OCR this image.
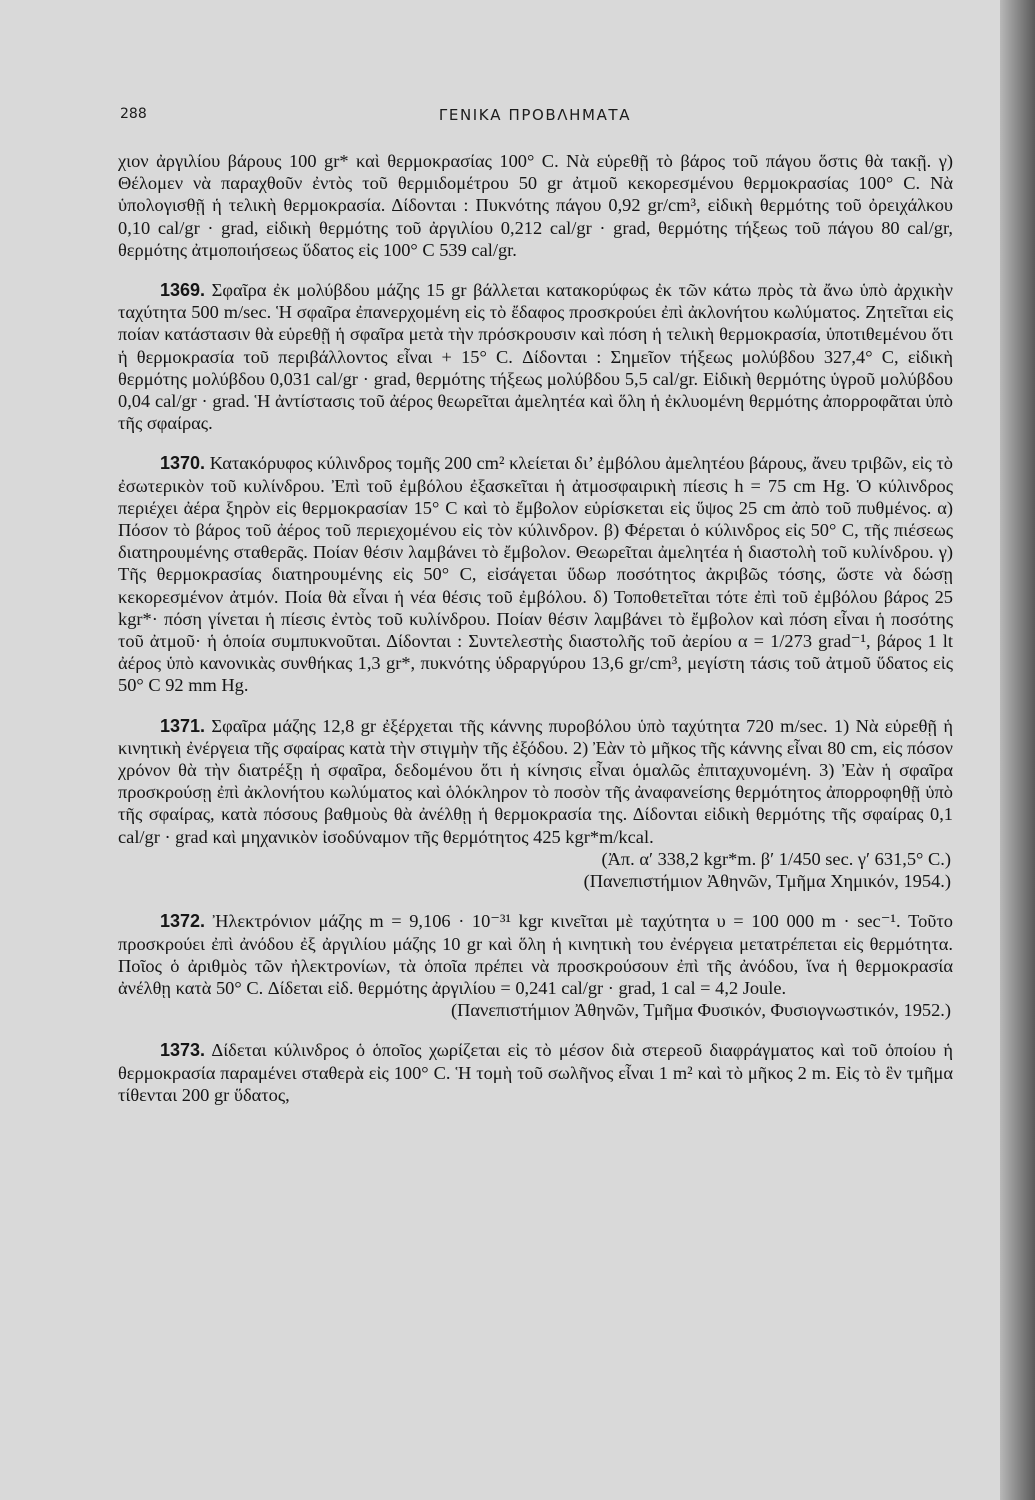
288	ΓΕΝΙΚΑ ΠΡΟΒΛΗΜΑΤΑ

χιον ἀργιλίου βάρους 100 gr* καὶ θερμοκρασίας 100° C. Νὰ εὑρεθῇ τὸ βάρος τοῦ πάγου ὅστις θὰ τακῇ. γ) Θέλομεν νὰ παραχθοῦν ἐντὸς τοῦ θερμιδομέτρου 50 gr ἀτμοῦ κεκορεσμένου θερμοκρασίας 100° C. Νὰ ὑπολογισθῇ ἡ τελικὴ θερμοκρασία. Δίδονται : Πυκνότης πάγου 0,92 gr/cm³, εἰδικὴ θερμότης τοῦ ὀρειχάλκου 0,10 cal/gr · grad, εἰδικὴ θερμότης τοῦ ἀργιλίου 0,212 cal/gr · grad, θερμότης τήξεως τοῦ πάγου 80 cal/gr, θερμότης ἀτμοποιήσεως ὕδατος εἰς 100° C 539 cal/gr.

1369. Σφαῖρα ἐκ μολύβδου μάζης 15 gr βάλλεται κατακορύφως ἐκ τῶν κάτω πρὸς τὰ ἄνω ὑπὸ ἀρχικὴν ταχύτητα 500 m/sec. Ἡ σφαῖρα ἐπανερχομένη εἰς τὸ ἔδαφος προσκρούει ἐπὶ ἀκλονήτου κωλύματος. Ζητεῖται εἰς ποίαν κατάστασιν θὰ εὑρεθῇ ἡ σφαῖρα μετὰ τὴν πρόσκρουσιν καὶ πόση ἡ τελικὴ θερμοκρασία, ὑποτιθεμένου ὅτι ἡ θερμοκρασία τοῦ περιβάλλοντος εἶναι + 15° C. Δίδονται : Σημεῖον τήξεως μολύβδου 327,4° C, εἰδικὴ θερμότης μολύβδου 0,031 cal/gr · grad, θερμότης τήξεως μολύβδου 5,5 cal/gr. Εἰδικὴ θερμότης ὑγροῦ μολύβδου 0,04 cal/gr · grad. Ἡ ἀντίστασις τοῦ ἀέρος θεωρεῖται ἀμελητέα καὶ ὅλη ἡ ἐκλυομένη θερμότης ἀπορροφᾶται ὑπὸ τῆς σφαίρας.

1370. Κατακόρυφος κύλινδρος τομῆς 200 cm² κλείεται δι’ ἐμβόλου ἀμελητέου βάρους, ἄνευ τριβῶν, εἰς τὸ ἐσωτερικὸν τοῦ κυλίνδρου. Ἐπὶ τοῦ ἐμβόλου ἐξασκεῖται ἡ ἀτμοσφαιρικὴ πίεσις h = 75 cm Hg. Ὁ κύλινδρος περιέχει ἀέρα ξηρὸν εἰς θερμοκρασίαν 15° C καὶ τὸ ἔμβολον εὑρίσκεται εἰς ὕψος 25 cm ἀπὸ τοῦ πυθμένος. α) Πόσον τὸ βάρος τοῦ ἀέρος τοῦ περιεχομένου εἰς τὸν κύλινδρον. β) Φέρεται ὁ κύλινδρος εἰς 50° C, τῆς πιέσεως διατηρουμένης σταθερᾶς. Ποίαν θέσιν λαμβάνει τὸ ἔμβολον. Θεωρεῖται ἀμελητέα ἡ διαστολὴ τοῦ κυλίνδρου. γ) Τῆς θερμοκρασίας διατηρουμένης εἰς 50° C, εἰσάγεται ὕδωρ ποσότητος ἀκριβῶς τόσης, ὥστε νὰ δώσῃ κεκορεσμένον ἀτμόν. Ποία θὰ εἶναι ἡ νέα θέσις τοῦ ἐμβόλου. δ) Τοποθετεῖται τότε ἐπὶ τοῦ ἐμβόλου βάρος 25 kgr*· πόση γίνεται ἡ πίεσις ἐντὸς τοῦ κυλίνδρου. Ποίαν θέσιν λαμβάνει τὸ ἔμβολον καὶ πόση εἶναι ἡ ποσότης τοῦ ἀτμοῦ· ἡ ὁποία συμπυκνοῦται. Δίδονται : Συντελεστὴς διαστολῆς τοῦ ἀερίου α = 1/273 grad⁻¹, βάρος 1 lt ἀέρος ὑπὸ κανονικὰς συνθήκας 1,3 gr*, πυκνότης ὑδραργύρου 13,6 gr/cm³, μεγίστη τάσις τοῦ ἀτμοῦ ὕδατος εἰς 50° C 92 mm Hg.

1371. Σφαῖρα μάζης 12,8 gr ἐξέρχεται τῆς κάννης πυροβόλου ὑπὸ ταχύτητα 720 m/sec. 1) Νὰ εὑρεθῇ ἡ κινητικὴ ἐνέργεια τῆς σφαίρας κατὰ τὴν στιγμὴν τῆς ἐξόδου. 2) Ἐὰν τὸ μῆκος τῆς κάννης εἶναι 80 cm, εἰς πόσον χρόνον θὰ τὴν διατρέξῃ ἡ σφαῖρα, δεδομένου ὅτι ἡ κίνησις εἶναι ὁμαλῶς ἐπιταχυνομένη. 3) Ἐὰν ἡ σφαῖρα προσκρούσῃ ἐπὶ ἀκλονήτου κωλύματος καὶ ὁλόκληρον τὸ ποσὸν τῆς ἀναφανείσης θερμότητος ἀπορροφηθῇ ὑπὸ τῆς σφαίρας, κατὰ πόσους βαθμοὺς θὰ ἀνέλθῃ ἡ θερμοκρασία της. Δίδονται εἰδικὴ θερμότης τῆς σφαίρας 0,1 cal/gr · grad καὶ μηχανικὸν ἰσοδύναμον τῆς θερμότητος 425 kgr*m/kcal.

(Ἀπ. α′ 338,2 kgr*m. β′ 1/450 sec. γ′ 631,5° C.)

(Πανεπιστήμιον Ἀθηνῶν, Τμῆμα Χημικόν, 1954.)

1372. Ἠλεκτρόνιον μάζης m = 9,106 · 10⁻³¹ kgr κινεῖται μὲ ταχύτητα υ = 100 000 m · sec⁻¹. Τοῦτο προσκρούει ἐπὶ ἀνόδου ἐξ ἀργιλίου μάζης 10 gr καὶ ὅλη ἡ κινητικὴ του ἐνέργεια μετατρέπεται εἰς θερμότητα. Ποῖος ὁ ἀριθμὸς τῶν ἠλεκτρονίων, τὰ ὁποῖα πρέπει νὰ προσκρούσουν ἐπὶ τῆς ἀνόδου, ἵνα ἡ θερμοκρασία ἀνέλθῃ κατὰ 50° C. Δίδεται εἰδ. θερμότης ἀργιλίου = 0,241 cal/gr · grad, 1 cal = 4,2 Joule.

(Πανεπιστήμιον Ἀθηνῶν, Τμῆμα Φυσικόν, Φυσιογνωστικόν, 1952.)

1373. Δίδεται κύλινδρος ὁ ὁποῖος χωρίζεται εἰς τὸ μέσον διὰ στερεοῦ διαφράγματος καὶ τοῦ ὁποίου ἡ θερμοκρασία παραμένει σταθερὰ εἰς 100° C. Ἡ τομὴ τοῦ σωλῆνος εἶναι 1 m² καὶ τὸ μῆκος 2 m. Εἰς τὸ ἓν τμῆμα τίθενται 200 gr ὕδατος,
